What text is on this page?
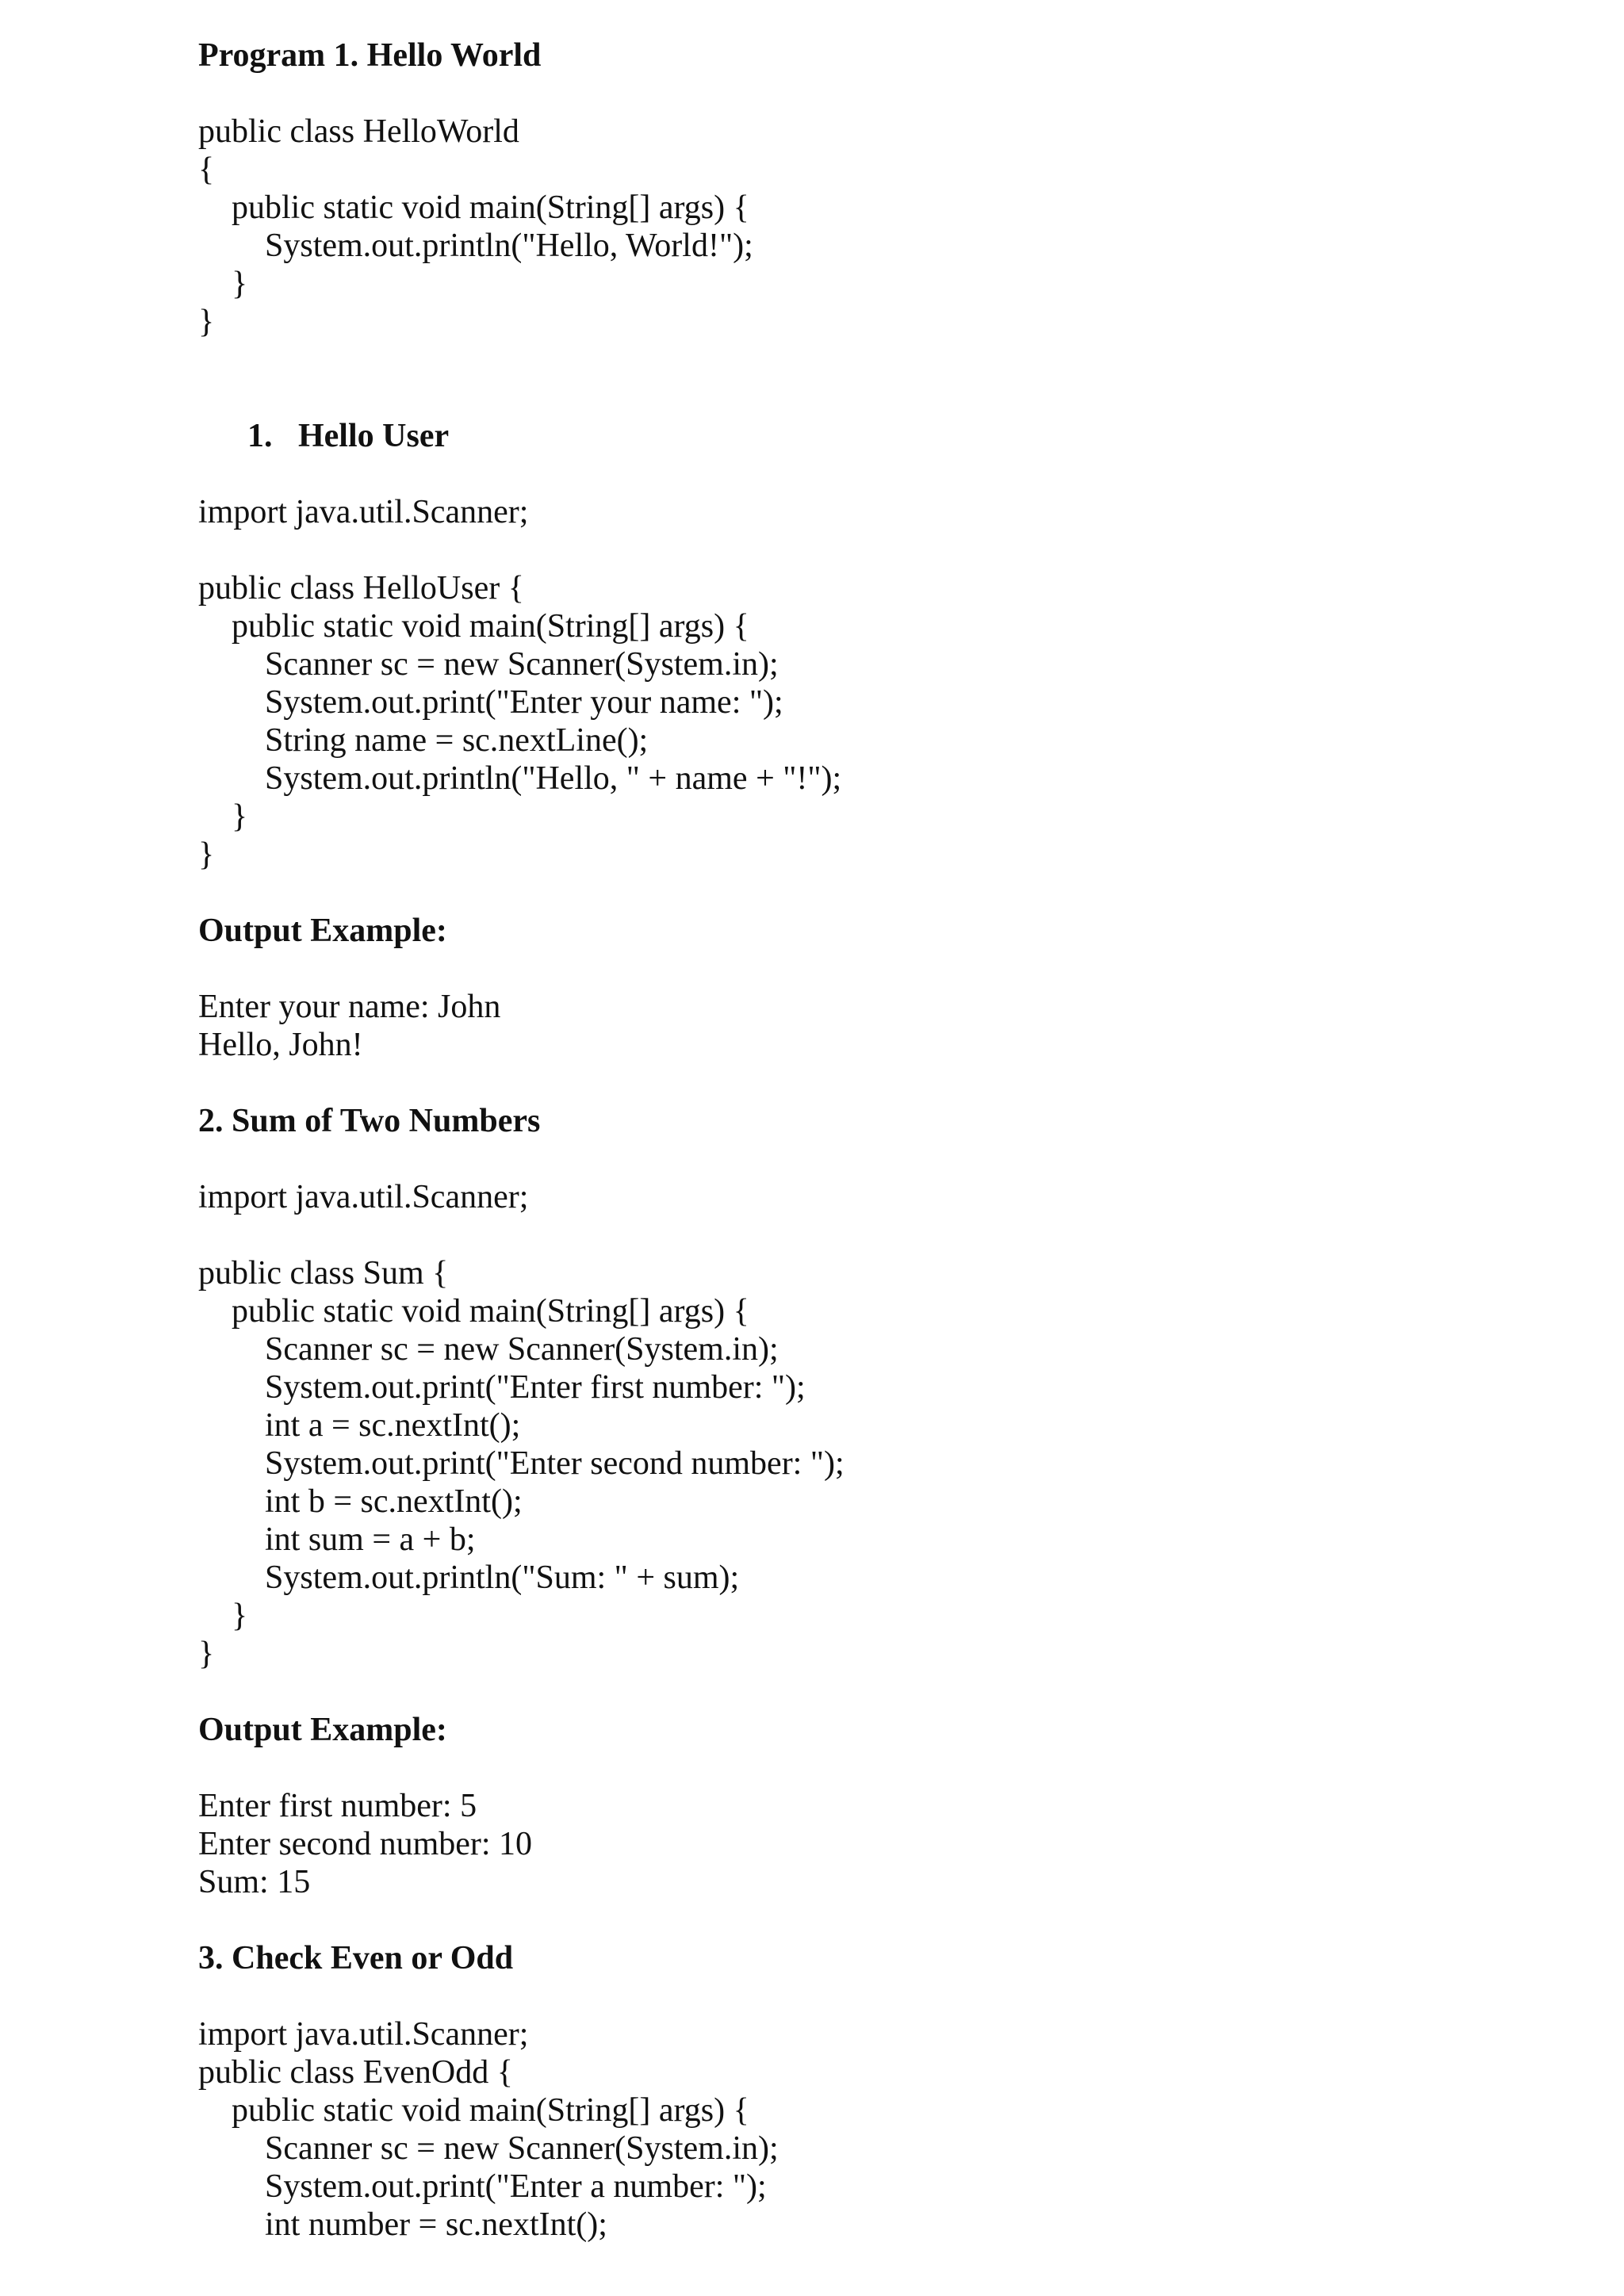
Program 1. Hello World
public class HelloWorld
{
public static void main(String[] args) {
System.out.println("Hello, World!");
}
}
1. Hello User
import java.util.Scanner;
public class HelloUser {
public static void main(String[] args) {
Scanner sc = new Scanner(System.in);
System.out.print("Enter your name: ");
String name = sc.nextLine();
System.out.println("Hello, " + name + "!");
}
}
Output Example:
Enter your name: John
Hello, John!
2. Sum of Two Numbers
import java.util.Scanner;
public class Sum {
public static void main(String[] args) {
Scanner sc = new Scanner(System.in);
System.out.print("Enter first number: ");
int a = sc.nextInt();
System.out.print("Enter second number: ");
int b = sc.nextInt();
int sum = a + b;
System.out.println("Sum: " + sum);
}
}
Output Example:
Enter first number: 5
Enter second number: 10
Sum: 15
3. Check Even or Odd
import java.util.Scanner;
public class EvenOdd {
public static void main(String[] args) {
Scanner sc = new Scanner(System.in);
System.out.print("Enter a number: ");
int number = sc.nextInt();
